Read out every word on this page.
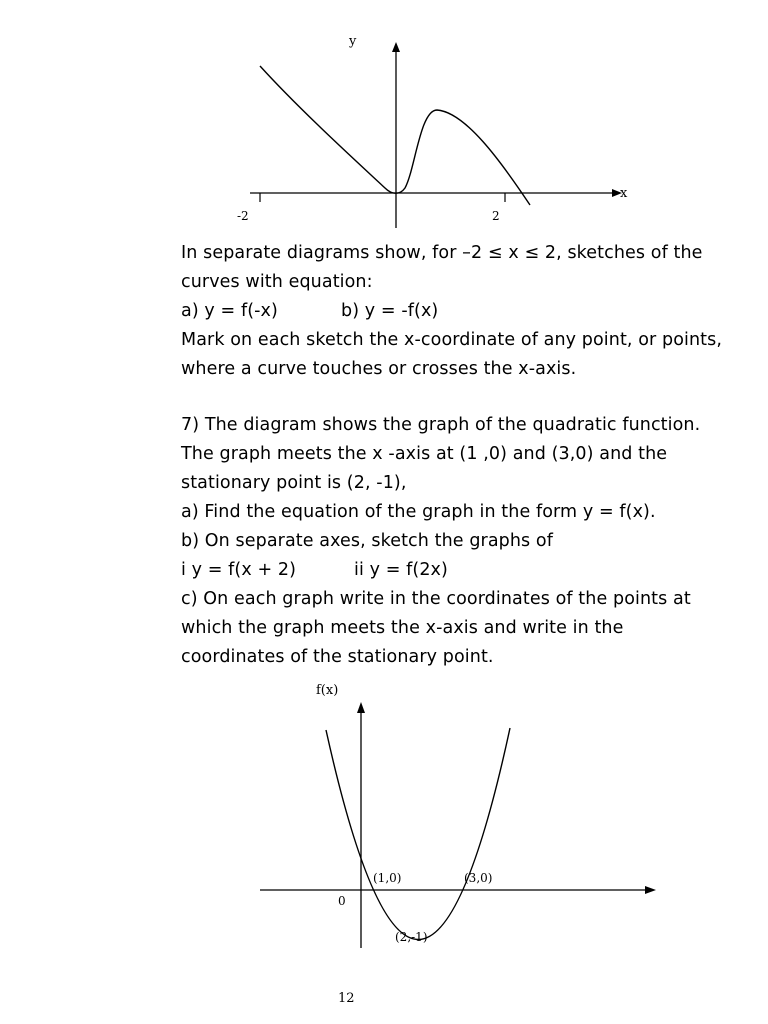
y
x
-2	2
In separate diagrams show, for –2 ≤ x ≤ 2, sketches of the
curves with equation:
a) y = f(-x)	b) y = -f(x)
Mark on each sketch the x-coordinate of any point, or points,
where a curve touches or crosses the x-axis.
7) The diagram shows the graph of the quadratic function.
The graph meets the x -axis at (1 ,0) and (3,0) and the
stationary point is (2, -1),
a) Find the equation of the graph in the form y = f(x).
b) On separate axes, sketch the graphs of
i y = f(x + 2)	ii y = f(2x)
c) On each graph write in the coordinates of the points at
which the graph meets the x-axis and write in the
coordinates of the stationary point.
f(x)
0
(1,0)	(3,0)
(2,-1)
12
